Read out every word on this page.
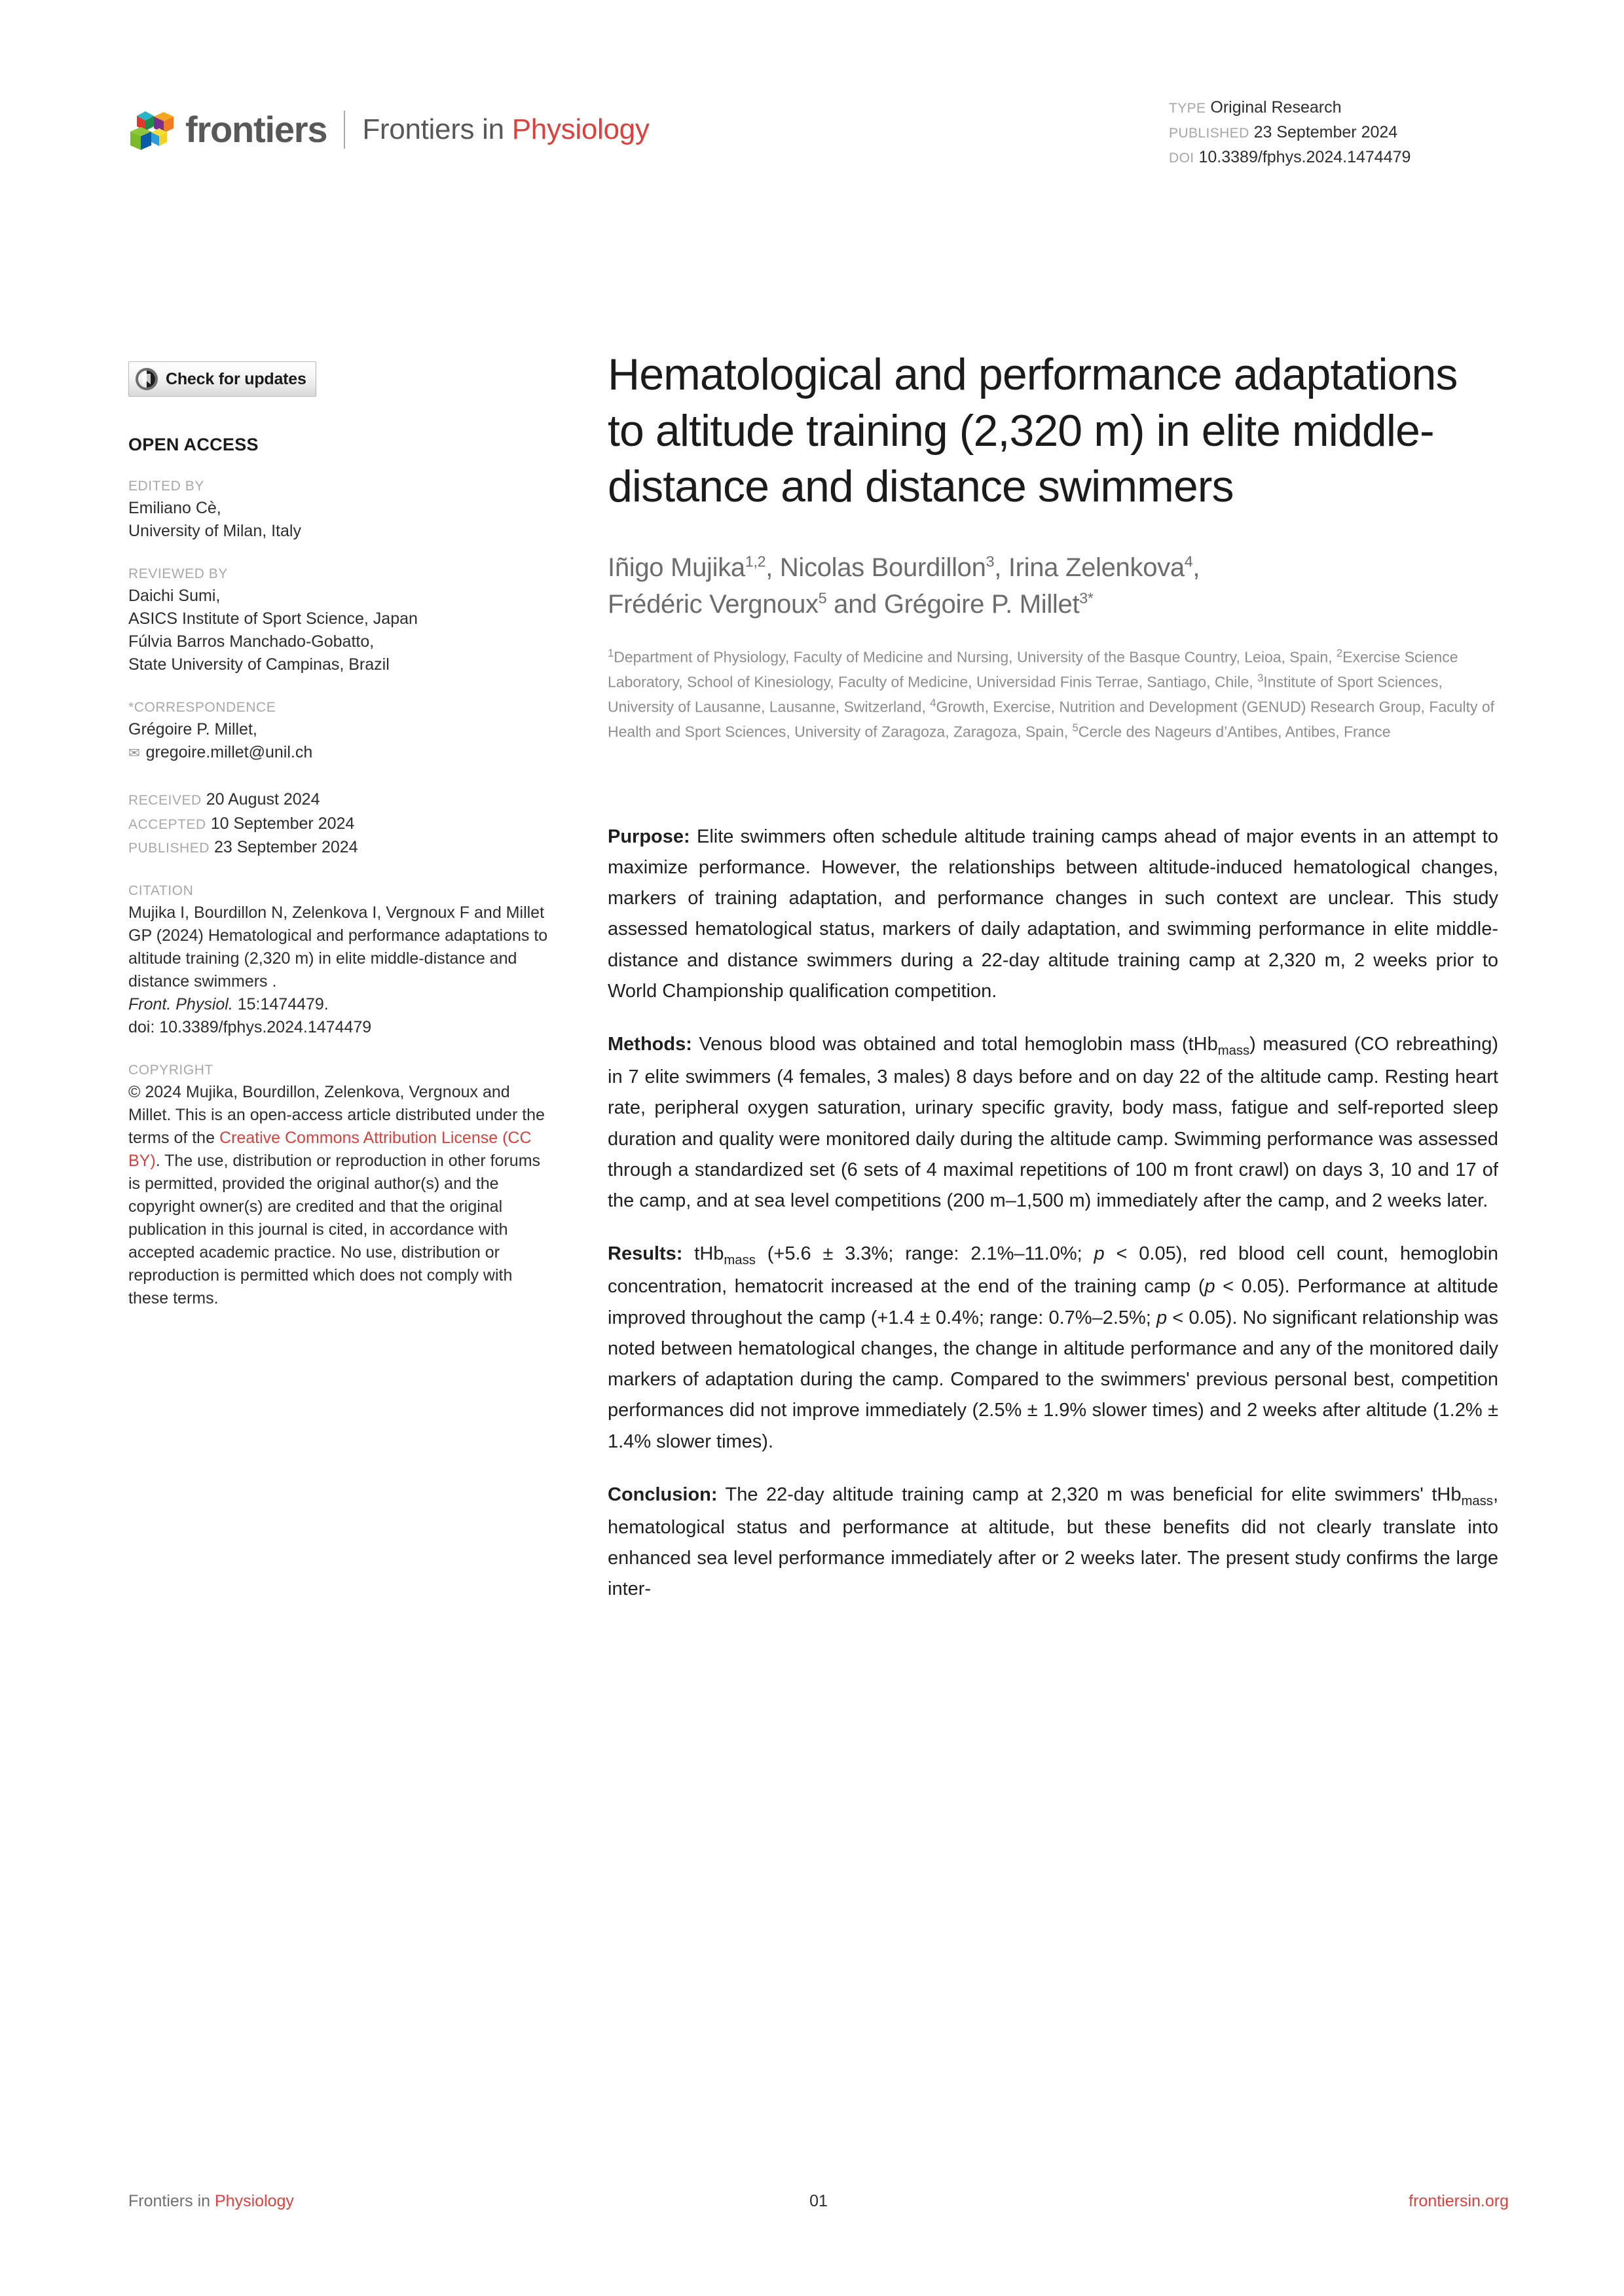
frontiers Frontiers in Physiology
TYPE Original Research
PUBLISHED 23 September 2024
DOI 10.3389/fphys.2024.1474479
Check for updates
OPEN ACCESS
EDITED BY
Emiliano Cè,
University of Milan, Italy
REVIEWED BY
Daichi Sumi,
ASICS Institute of Sport Science, Japan
Fúlvia Barros Manchado-Gobatto,
State University of Campinas, Brazil
*CORRESPONDENCE
Grégoire P. Millet,
✉ gregoire.millet@unil.ch
RECEIVED 20 August 2024
ACCEPTED 10 September 2024
PUBLISHED 23 September 2024
CITATION
Mujika I, Bourdillon N, Zelenkova I, Vergnoux F and Millet GP (2024) Hematological and performance adaptations to altitude training (2,320 m) in elite middle-distance and distance swimmers .
Front. Physiol. 15:1474479.
doi: 10.3389/fphys.2024.1474479
COPYRIGHT
© 2024 Mujika, Bourdillon, Zelenkova, Vergnoux and Millet. This is an open-access article distributed under the terms of the Creative Commons Attribution License (CC BY). The use, distribution or reproduction in other forums is permitted, provided the original author(s) and the copyright owner(s) are credited and that the original publication in this journal is cited, in accordance with accepted academic practice. No use, distribution or reproduction is permitted which does not comply with these terms.
Hematological and performance adaptations to altitude training (2,320 m) in elite middle-distance and distance swimmers
Iñigo Mujika$^{1,2}$, Nicolas Bourdillon$^3$, Irina Zelenkova$^4$,
Frédéric Vergnoux$^5$ and Grégoire P. Millet$^{3*}$
$^1$Department of Physiology, Faculty of Medicine and Nursing, University of the Basque Country, Leioa, Spain, $^2$Exercise Science Laboratory, School of Kinesiology, Faculty of Medicine, Universidad Finis Terrae, Santiago, Chile, $^3$Institute of Sport Sciences, University of Lausanne, Lausanne, Switzerland, $^4$Growth, Exercise, Nutrition and Development (GENUD) Research Group, Faculty of Health and Sport Sciences, University of Zaragoza, Zaragoza, Spain, $^5$Cercle des Nageurs d’Antibes, Antibes, France

Purpose: Elite swimmers often schedule altitude training camps ahead of major events in an attempt to maximize performance. However, the relationships between altitude-induced hematological changes, markers of training adaptation, and performance changes in such context are unclear. This study assessed hematological status, markers of daily adaptation, and swimming performance in elite middle-distance and distance swimmers during a 22-day altitude training camp at 2,320 m, 2 weeks prior to World Championship qualification competition.

Methods: Venous blood was obtained and total hemoglobin mass (tHb$_{mass}$) measured (CO rebreathing) in 7 elite swimmers (4 females, 3 males) 8 days before and on day 22 of the altitude camp. Resting heart rate, peripheral oxygen saturation, urinary specific gravity, body mass, fatigue and self-reported sleep duration and quality were monitored daily during the altitude camp. Swimming performance was assessed through a standardized set (6 sets of 4 maximal repetitions of 100 m front crawl) on days 3, 10 and 17 of the camp, and at sea level competitions (200 m–1,500 m) immediately after the camp, and 2 weeks later.

Results: tHb$_{mass}$ (+5.6 ± 3.3%; range: 2.1%–11.0%; p < 0.05), red blood cell count, hemoglobin concentration, hematocrit increased at the end of the training camp (p < 0.05). Performance at altitude improved throughout the camp (+1.4 ± 0.4%; range: 0.7%–2.5%; p < 0.05). No significant relationship was noted between hematological changes, the change in altitude performance and any of the monitored daily markers of adaptation during the camp. Compared to the swimmers' previous personal best, competition performances did not improve immediately (2.5% ± 1.9% slower times) and 2 weeks after altitude (1.2% ± 1.4% slower times).

Conclusion: The 22-day altitude training camp at 2,320 m was beneficial for elite swimmers' tHb$_{mass}$, hematological status and performance at altitude, but these benefits did not clearly translate into enhanced sea level performance immediately after or 2 weeks later. The present study confirms the large inter-

Frontiers in Physiology	01	frontiersin.org
